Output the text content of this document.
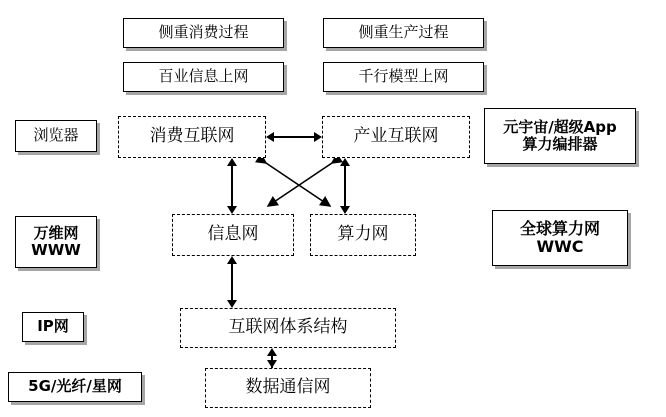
侧重消费过程	侧重生产过程
百业信息上网	千行模型上网
浏览器
万维网
WWW
IP网
5G/光纤/星网
元宇宙/超级App
算力编排器
全球算力网
WWC
消费互联网	产业互联网
信息网	算力网
互联网体系结构
数据通信网
